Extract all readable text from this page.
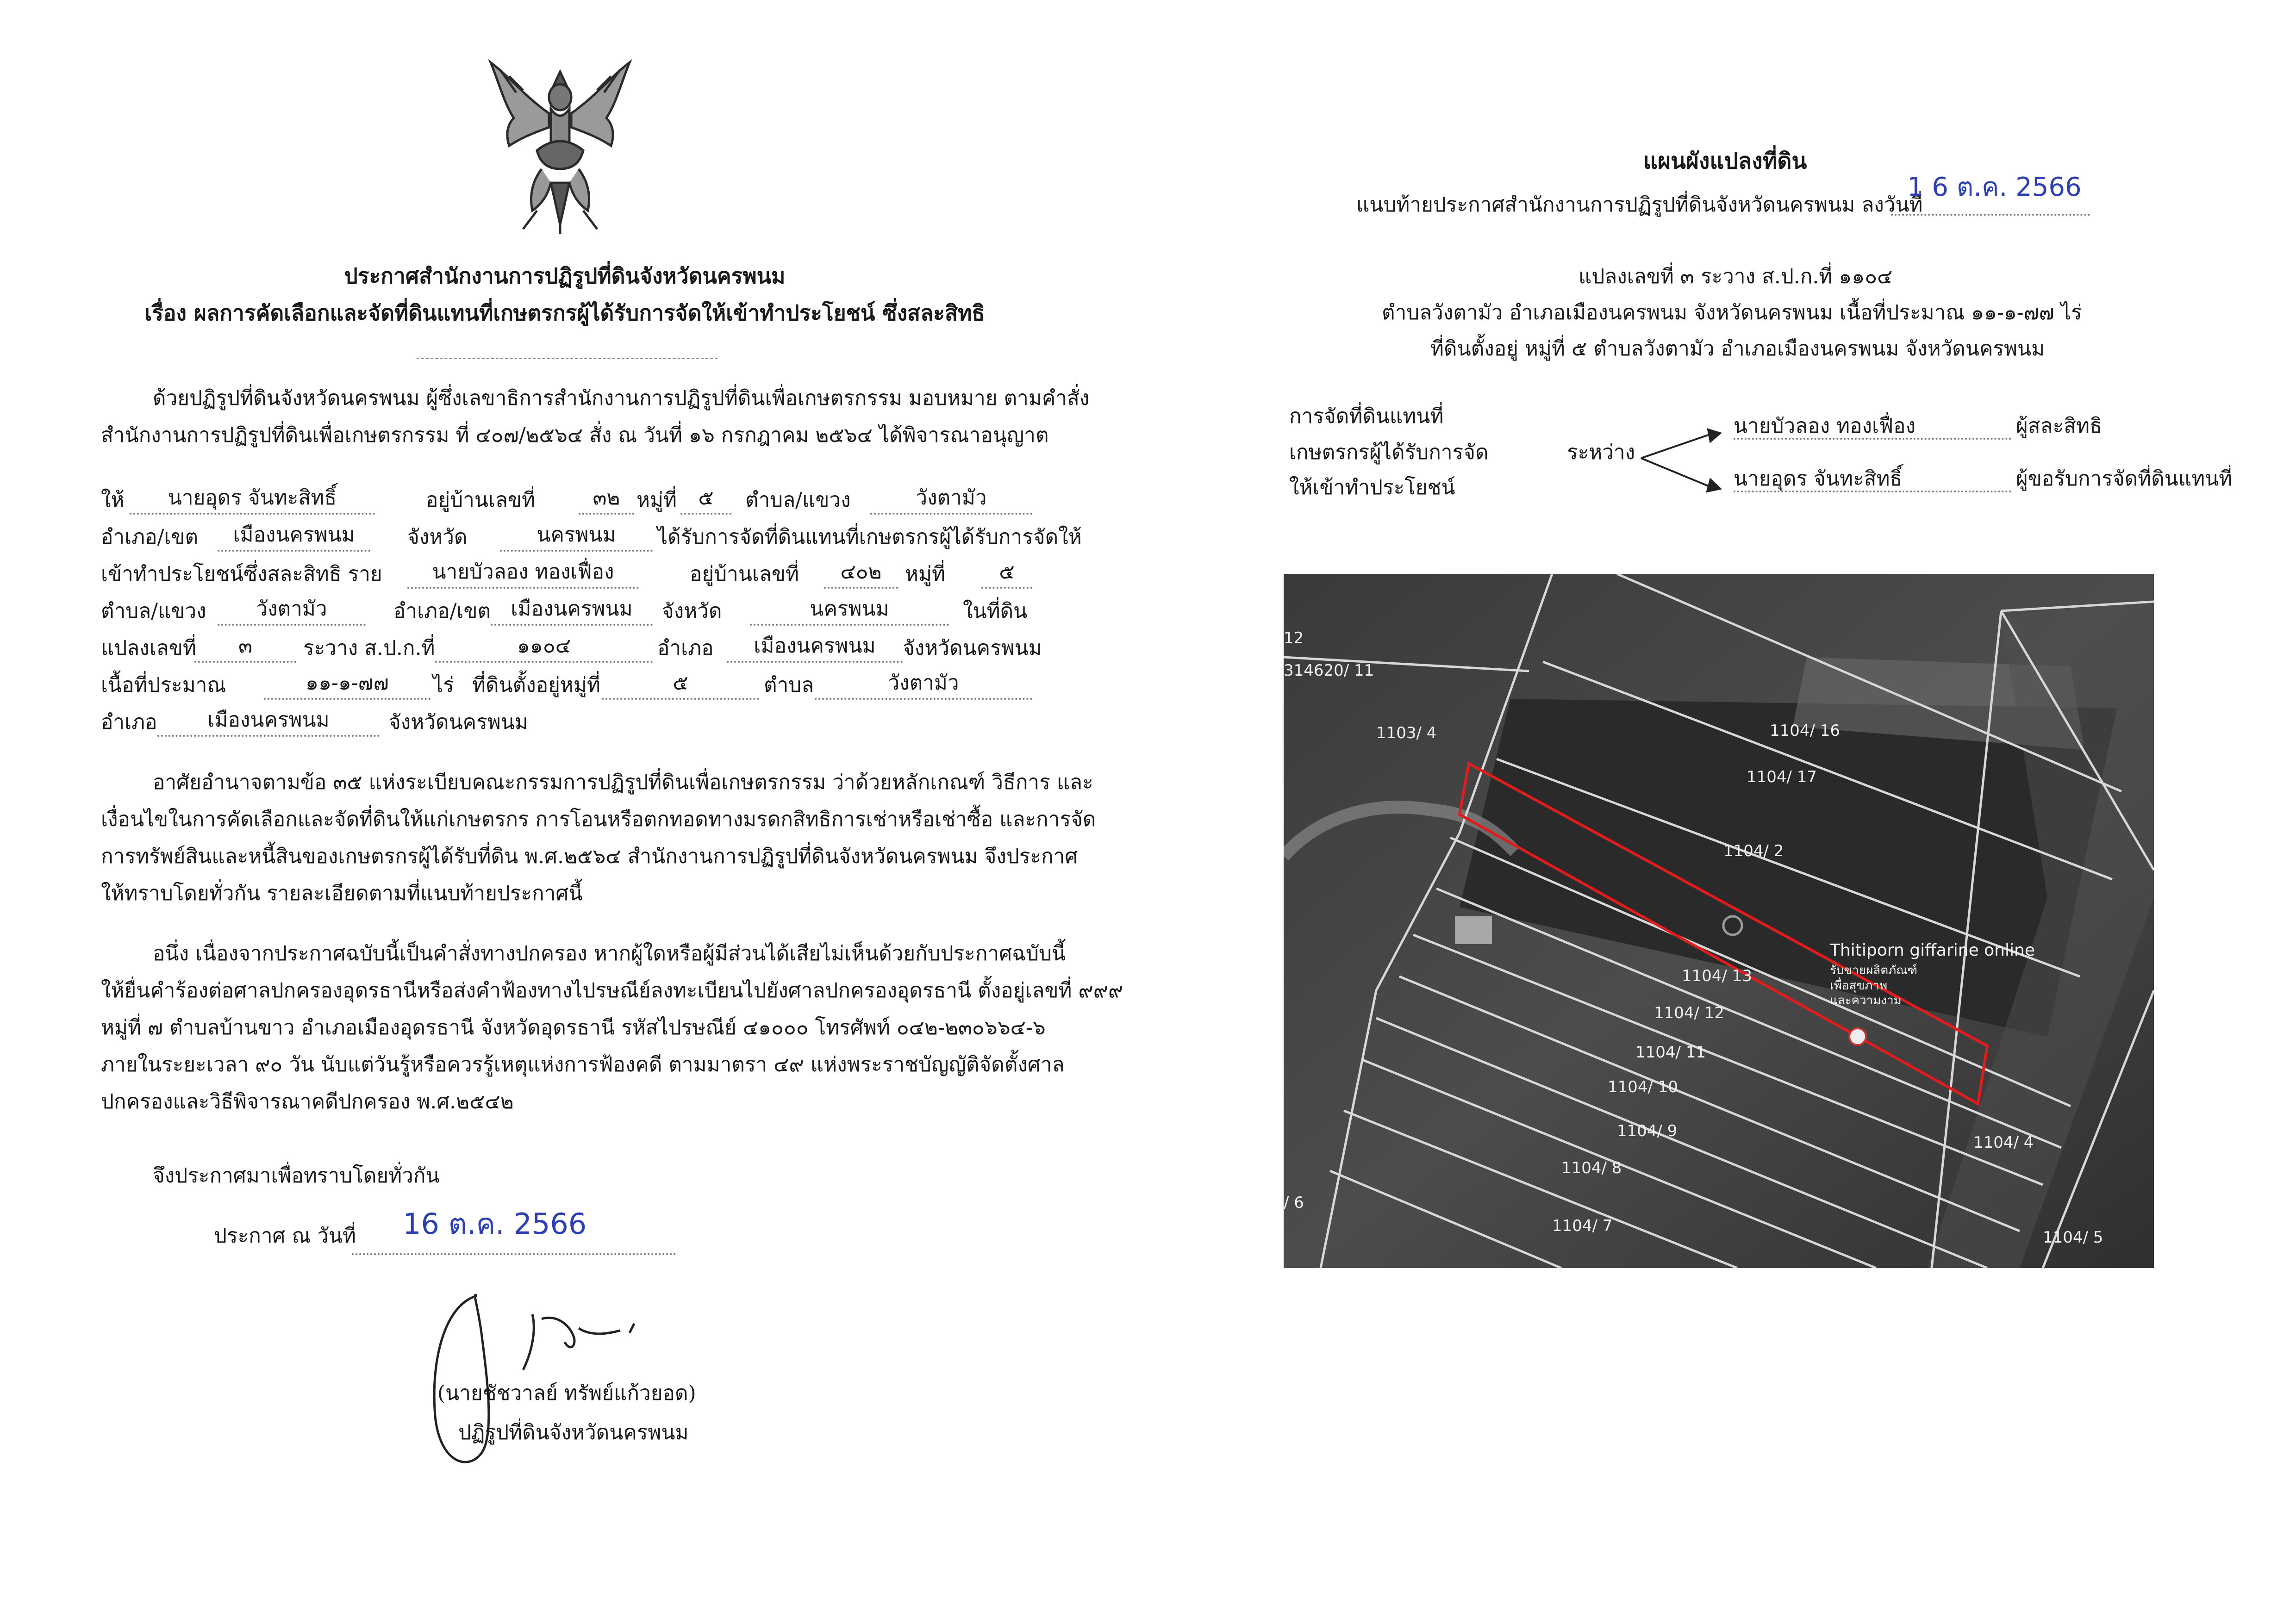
ประกาศสำนักงานการปฏิรูปที่ดินจังหวัดนครพนม
เรื่อง ผลการคัดเลือกและจัดที่ดินแทนที่เกษตรกรผู้ได้รับการจัดให้เข้าทำประโยชน์ ซึ่งสละสิทธิ
ด้วยปฏิรูปที่ดินจังหวัดนครพนม ผู้ซึ่งเลขาธิการสำนักงานการปฏิรูปที่ดินเพื่อเกษตรกรรม มอบหมาย ตามคำสั่ง
สำนักงานการปฏิรูปที่ดินเพื่อเกษตรกรรม ที่ ๔๐๗/๒๕๖๔ สั่ง ณ วันที่ ๑๖ กรกฎาคม ๒๕๖๔ ได้พิจารณาอนุญาต
ให้	นายอุดร จันทะสิทธิ์	อยู่บ้านเลขที่	๓๒ หมู่ที่	๕	ตำบล/แขวง	วังตามัว
อำเภอ/เขต	เมืองนครพนม	จังหวัด	นครพนม	ได้รับการจัดที่ดินแทนที่เกษตรกรผู้ได้รับการจัดให้
เข้าทำประโยชน์ซึ่งสละสิทธิ ราย	นายบัวลอง ทองเฟื่อง	อยู่บ้านเลขที่	๔๐๒	หมู่ที่	๕
ตำบล/แขวง	วังตามัว	อำเภอ/เขต เมืองนครพนม	จังหวัด	นครพนม	ในที่ดิน
แปลงเลขที่	๓	ระวาง ส.ป.ก.ที่	๑๑๐๔	อำเภอ	เมืองนครพนม	จังหวัดนครพนม
เนื้อที่ประมาณ	๑๑-๑-๗๗	ไร่ ที่ดินตั้งอยู่หมู่ที่	๕	ตำบล	วังตามัว
อำเภอ	เมืองนครพนม	จังหวัดนครพนม
อาศัยอำนาจตามข้อ ๓๕ แห่งระเบียบคณะกรรมการปฏิรูปที่ดินเพื่อเกษตรกรรม ว่าด้วยหลักเกณฑ์ วิธีการ และ
เงื่อนไขในการคัดเลือกและจัดที่ดินให้แก่เกษตรกร การโอนหรือตกทอดทางมรดกสิทธิการเช่าหรือเช่าซื้อ และการจัด
การทรัพย์สินและหนี้สินของเกษตรกรผู้ได้รับที่ดิน พ.ศ.๒๕๖๔ สำนักงานการปฏิรูปที่ดินจังหวัดนครพนม จึงประกาศ
ให้ทราบโดยทั่วกัน รายละเอียดตามที่แนบท้ายประกาศนี้
อนึ่ง เนื่องจากประกาศฉบับนี้เป็นคำสั่งทางปกครอง หากผู้ใดหรือผู้มีส่วนได้เสียไม่เห็นด้วยกับประกาศฉบับนี้
ให้ยื่นคำร้องต่อศาลปกครองอุดรธานีหรือส่งคำฟ้องทางไปรษณีย์ลงทะเบียนไปยังศาลปกครองอุดรธานี ตั้งอยู่เลขที่ ๙๙๙
หมู่ที่ ๗ ตำบลบ้านขาว อำเภอเมืองอุดรธานี จังหวัดอุดรธานี รหัสไปรษณีย์ ๔๑๐๐๐ โทรศัพท์ ๐๔๒-๒๓๐๖๖๔-๖
ภายในระยะเวลา ๙๐ วัน นับแต่วันรู้หรือควรรู้เหตุแห่งการฟ้องคดี ตามมาตรา ๔๙ แห่งพระราชบัญญัติจัดตั้งศาล
ปกครองและวิธีพิจารณาคดีปกครอง พ.ศ.๒๕๔๒
จึงประกาศมาเพื่อทราบโดยทั่วกัน
ประกาศ ณ วันที่ 16 ต.ค. 2566
(นายชัชวาลย์ ทรัพย์แก้วยอด)
ปฏิรูปที่ดินจังหวัดนครพนม
แผนผังแปลงที่ดิน
แนบท้ายประกาศสำนักงานการปฏิรูปที่ดินจังหวัดนครพนม ลงวันที่
1 6 ต.ค. 2566
แปลงเลขที่ ๓ ระวาง ส.ป.ก.ที่ ๑๑๐๔
ตำบลวังตามัว อำเภอเมืองนครพนม จังหวัดนครพนม เนื้อที่ประมาณ ๑๑-๑-๗๗ ไร่
ที่ดินตั้งอยู่ หมู่ที่ ๕ ตำบลวังตามัว อำเภอเมืองนครพนม จังหวัดนครพนม
การจัดที่ดินแทนที่
เกษตรกรผู้ได้รับการจัด
ให้เข้าทำประโยชน์
ระหว่าง
นายบัวลอง ทองเฟื่อง	ผู้สละสิทธิ
นายอุดร จันทะสิทธิ์	ผู้ขอรับการจัดที่ดินแทนที่
12
314620/ 11
1103/ 4	1104/ 16
1104/ 17
1104/ 2
1104/ 13
1104/ 12
1104/ 11
1104/ 10
1104/ 9
1104/ 8
1104/ 7
1104/ 4
1104/ 5
/ 6
Thitiporn giffarine online
รับขายผลิตภัณฑ์
เพื่อสุขภาพ
และความงาม
